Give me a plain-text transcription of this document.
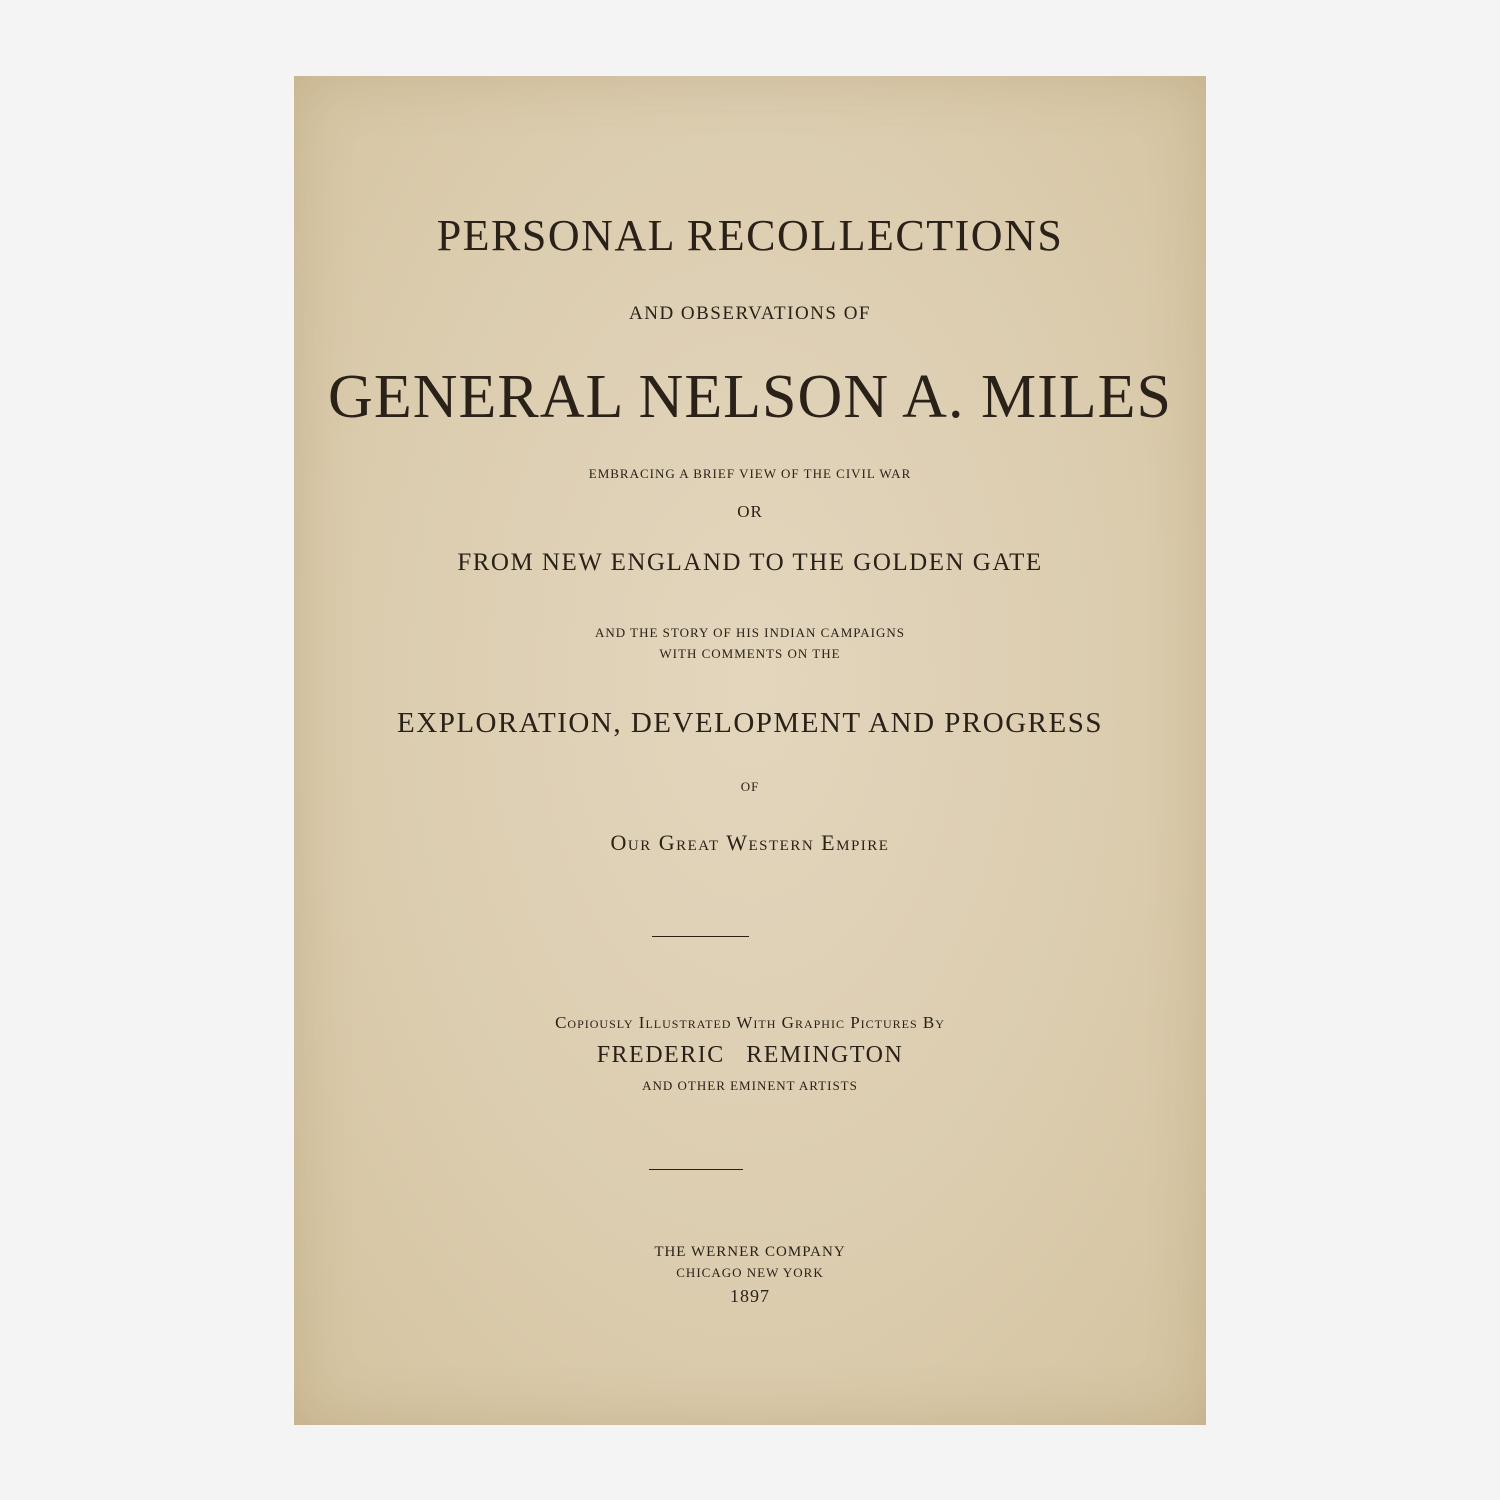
PERSONAL RECOLLECTIONS
AND OBSERVATIONS OF
GENERAL NELSON A. MILES
EMBRACING A BRIEF VIEW OF THE CIVIL WAR
OR
FROM NEW ENGLAND TO THE GOLDEN GATE
AND THE STORY OF HIS INDIAN CAMPAIGNS
WITH COMMENTS ON THE
EXPLORATION, DEVELOPMENT AND PROGRESS
OF
Our Great Western Empire
Copiously Illustrated With Graphic Pictures By
FREDERIC REMINGTON
AND OTHER EMINENT ARTISTS
THE WERNER COMPANY
CHICAGO NEW YORK
1897
